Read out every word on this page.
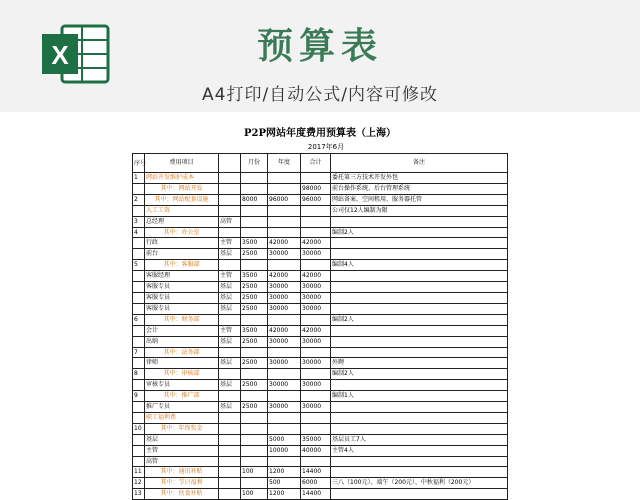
X	预算表
A4打印/自动公式/内容可修改
P2P网站年度费用预算表（上海）
2017年6月
序号	费用项目		月份	年度	合计	备注
1	网站开发维护成本					委托第三方技术开发外包
	其中：网站开发				98000	前台操作系统、后台管理系统
2	其中：网站配套设施		8000	96000	96000	网站备案、空间租用、服务器托管
	人工工资					公司仅12人编制为限
3	总经理	高管				
4	其中：办公室					编制2人
	行政	主管	3500	42000	42000	
	前台	基层	2500	30000	30000	
5	其中：客服部					编制4人
	客服经理	主管	3500	42000	42000	
	客服专员	基层	2500	30000	30000	
	客服专员	基层	2500	30000	30000	
	客服专员	基层	2500	30000	30000	
6	其中：财务部					编制2人
	会计	主管	3500	42000	42000	
	出纳	基层	2500	30000	30000	
7	其中：法务部					
	律师	基层	2500	30000	30000	外聘
8	其中：审核部					编制2人
	审核专员	基层	2500	30000	30000	
9	其中：推广部					编制1人
	推广专员	基层	2500	30000	30000	
	职工福利费					
10	其中：年终奖金					
	基层			5000	35000	基层员工7人
	主管			10000	40000	主管4人
	高管					
11	其中：通讯补贴		100	1200	14400	
12	其中：节日福利			500	6000	三八（100元）、端午（200元）、中秋福利（200元）
13	其中：伙食补贴		100	1200	14400	
